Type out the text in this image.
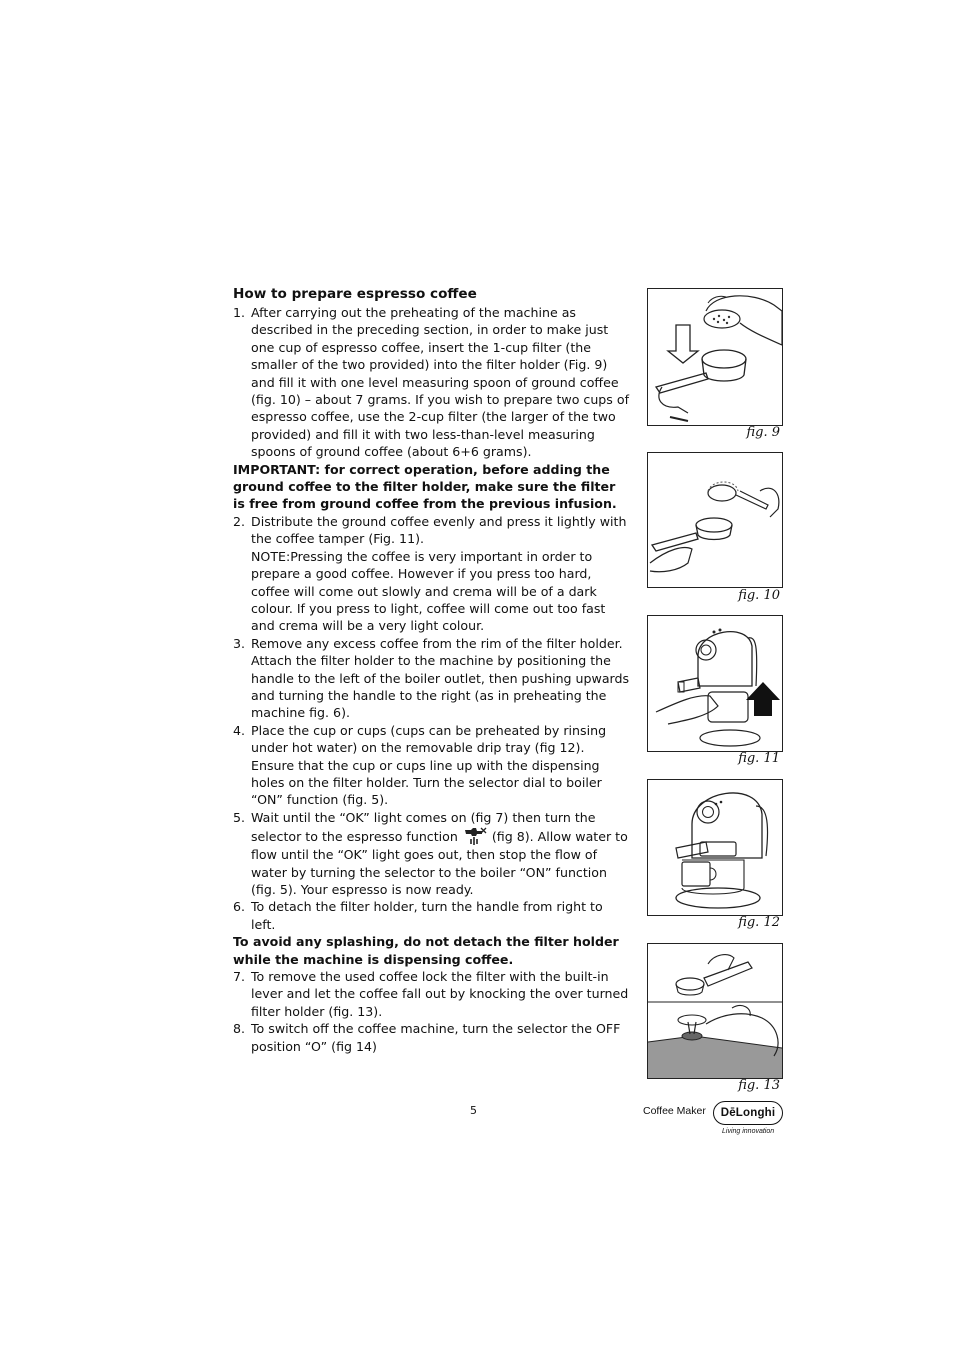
How to prepare espresso coffee
1. After carrying out the preheating of the machine as described in the preceding section, in order to make just one cup of espresso coffee, insert the 1-cup filter (the smaller of the two provided) into the filter holder (Fig. 9) and fill it with one level measuring spoon of ground coffee (fig. 10) – about 7 grams. If you wish to prepare two cups of espresso coffee, use the 2-cup filter (the larger of the two provided) and fill it with two less-than-level measuring spoons of ground coffee (about 6+6 grams).

IMPORTANT: for correct operation, before adding the ground coffee to the filter holder, make sure the filter is free from ground coffee from the previous infusion.

2. Distribute the ground coffee evenly and press it lightly with the coffee tamper (Fig. 11).

NOTE:Pressing the coffee is very important in order to prepare a good coffee. However if you press too hard, coffee will come out slowly and crema will be of a dark colour. If you press to light, coffee will come out too fast and crema will be a very light colour.

3. Remove any excess coffee from the rim of the filter holder. Attach the filter holder to the machine by positioning the handle to the left of the boiler outlet, then pushing upwards and turning the handle to the right (as in preheating the machine fig. 6).

4. Place the cup or cups (cups can be preheated by rinsing under hot water) on the removable drip tray (fig 12). Ensure that the cup or cups line up with the dispensing holes on the filter holder. Turn the selector dial to boiler “ON” function (fig. 5).

5. Wait until the “OK” light comes on (fig 7) then turn the selector to the espresso function	(fig 8). Allow water to flow until the “OK” light goes out, then stop the flow of water by turning the selector to the boiler “ON” function (fig. 5). Your espresso is now ready.

6. To detach the filter holder, turn the handle from right to left.

To avoid any splashing, do not detach the filter holder while the machine is dispensing coffee.

7. To remove the used coffee lock the filter with the built-in lever and let the coffee fall out by knocking the over turned filter holder (fig. 13).

8. To switch off the coffee machine, turn the selector the OFF position “O” (fig 14)

fig. 9
fig. 10
fig. 11
fig. 12
fig. 13
5	Coffee Maker DēLonghi
Living innovation
